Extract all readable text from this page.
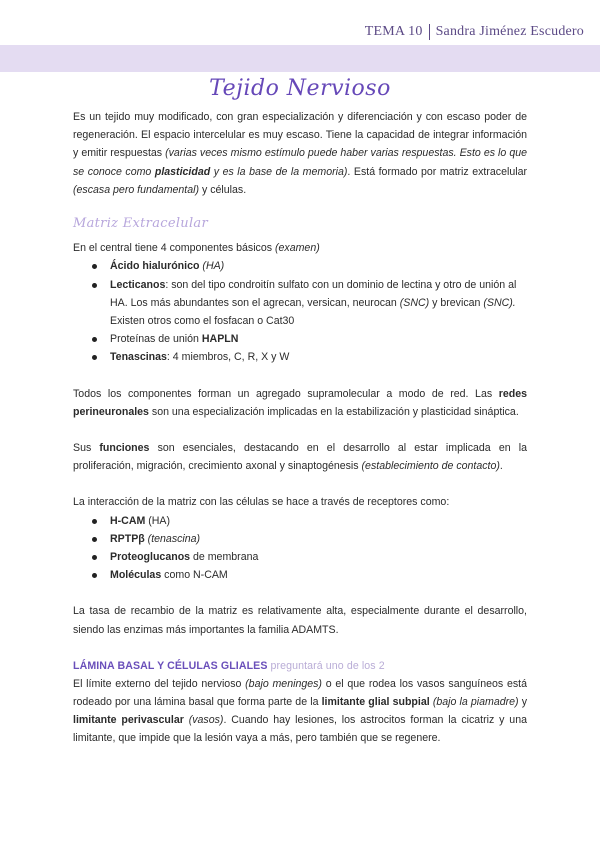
TEMA 10 Sandra Jiménez Escudero
Tejido Nervioso

Es un tejido muy modificado, con gran especialización y diferenciación y con escaso poder de regeneración. El espacio intercelular es muy escaso. Tiene la capacidad de integrar información y emitir respuestas (varias veces mismo estímulo puede haber varias respuestas. Esto es lo que se conoce como plasticidad y es la base de la memoria). Está formado por matriz extracelular (escasa pero fundamental) y células.

Matriz Extracelular

En el central tiene 4 componentes básicos (examen)

Ácido hialurónico (HA)
Lecticanos: son del tipo condroitín sulfato con un dominio de lectina y otro de unión al HA. Los más abundantes son el agrecan, versican, neurocan (SNC) y brevican (SNC). Existen otros como el fosfacan o Cat30
Proteínas de unión HAPLN
Tenascinas: 4 miembros, C, R, X y W

Todos los componentes forman un agregado supramolecular a modo de red. Las redes perineuronales son una especialización implicadas en la estabilización y plasticidad sináptica.

Sus funciones son esenciales, destacando en el desarrollo al estar implicada en la proliferación, migración, crecimiento axonal y sinaptogénesis (establecimiento de contacto).

La interacción de la matriz con las células se hace a través de receptores como:

H-CAM (HA)
RPTPβ (tenascina)
Proteoglucanos de membrana
Moléculas como N-CAM

La tasa de recambio de la matriz es relativamente alta, especialmente durante el desarrollo, siendo las enzimas más importantes la familia ADAMTS.

LÁMINA BASAL Y CÉLULAS GLIALES preguntará uno de los 2

El límite externo del tejido nervioso (bajo meninges) o el que rodea los vasos sanguíneos está rodeado por una lámina basal que forma parte de la limitante glial subpial (bajo la piamadre) y limitante perivascular (vasos). Cuando hay lesiones, los astrocitos forman la cicatriz y una limitante, que impide que la lesión vaya a más, pero también que se regenere.
